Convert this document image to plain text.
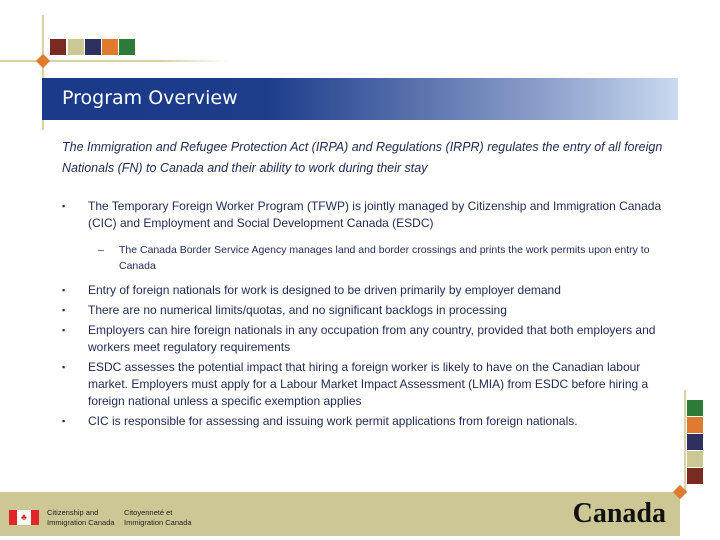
Program Overview
The Immigration and Refugee Protection Act (IRPA) and Regulations (IRPR) regulates the entry of all foreign Nationals (FN) to Canada and their ability to work during their stay
▪ The Temporary Foreign Worker Program (TFWP) is jointly managed by Citizenship and Immigration Canada (CIC) and Employment and Social Development Canada (ESDC)
– The Canada Border Service Agency manages land and border crossings and prints the work permits upon entry to Canada
▪ Entry of foreign nationals for work is designed to be driven primarily by employer demand
▪ There are no numerical limits/quotas, and no significant backlogs in processing
▪ Employers can hire foreign nationals in any occupation from any country, provided that both employers and workers meet regulatory requirements
▪ ESDC assesses the potential impact that hiring a foreign worker is likely to have on the Canadian labour market. Employers must apply for a Labour Market Impact Assessment (LMIA) from ESDC before hiring a foreign national unless a specific exemption applies
▪ CIC is responsible for assessing and issuing work permit applications from foreign nationals.
♣	Citizenship and
Immigration Canada
Citoyenneté et
Immigration Canada	Canada
